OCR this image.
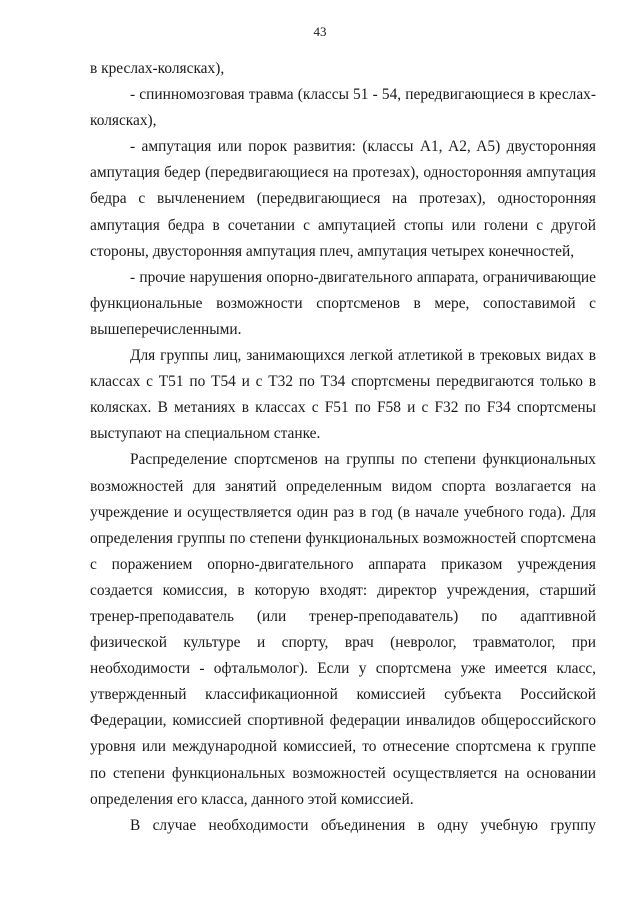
43

в креслах-колясках),

- спинномозговая травма (классы 51 - 54, передвигающиеся в креслах-колясках),

- ампутация или порок развития: (классы A1, A2, A5) двусторонняя ампутация бедер (передвигающиеся на протезах), односторонняя ампутация бедра с вычленением (передвигающиеся на протезах), односторонняя ампутация бедра в сочетании с ампутацией стопы или голени с другой стороны, двусторонняя ампутация плеч, ампутация четырех конечностей,

- прочие нарушения опорно-двигательного аппарата, ограничивающие функциональные возможности спортсменов в мере, сопоставимой с вышеперечисленными.

Для группы лиц, занимающихся легкой атлетикой в трековых видах в классах с T51 по T54 и с T32 по T34 спортсмены передвигаются только в колясках. В метаниях в классах с F51 по F58 и с F32 по F34 спортсмены выступают на специальном станке.

Распределение спортсменов на группы по степени функциональных возможностей для занятий определенным видом спорта возлагается на учреждение и осуществляется один раз в год (в начале учебного года). Для определения группы по степени функциональных возможностей спортсмена с поражением опорно-двигательного аппарата приказом учреждения создается комиссия, в которую входят: директор учреждения, старший тренер-преподаватель (или тренер-преподаватель) по адаптивной физической культуре и спорту, врач (невролог, травматолог, при необходимости - офтальмолог). Если у спортсмена уже имеется класс, утвержденный классификационной комиссией субъекта Российской Федерации, комиссией спортивной федерации инвалидов общероссийского уровня или международной комиссией, то отнесение спортсмена к группе по степени функциональных возможностей осуществляется на основании определения его класса, данного этой комиссией.

В случае необходимости объединения в одну учебную группу
